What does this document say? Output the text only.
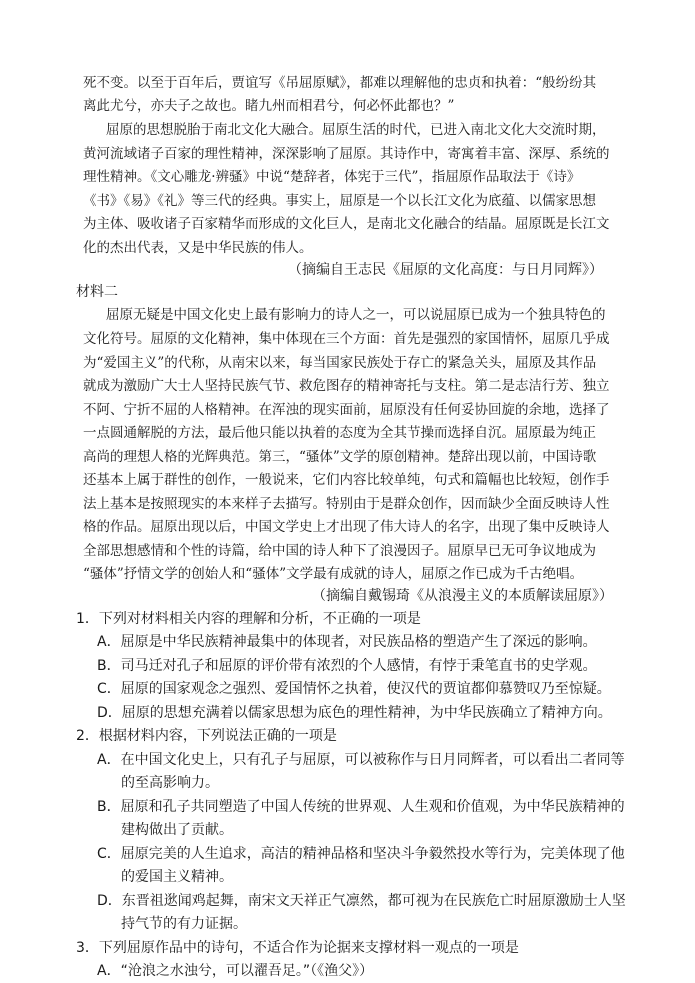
死不变。以至于百年后，贾谊写《吊屈原赋》，都难以理解他的忠贞和执着：“般纷纷其
离此尤兮，亦夫子之故也。睹九州而相君兮，何必怀此都也？”
屈原的思想脱胎于南北文化大融合。屈原生活的时代，已进入南北文化大交流时期，
黄河流域诸子百家的理性精神，深深影响了屈原。其诗作中，寄寓着丰富、深厚、系统的
理性精神。《文心雕龙·辨骚》中说“楚辞者，体宪于三代”，指屈原作品取法于《诗》
《书》《易》《礼》等三代的经典。事实上，屈原是一个以长江文化为底蕴、以儒家思想
为主体、吸收诸子百家精华而形成的文化巨人，是南北文化融合的结晶。屈原既是长江文
化的杰出代表，又是中华民族的伟人。
（摘编自王志民《屈原的文化高度：与日月同辉》）
材料二
屈原无疑是中国文化史上最有影响力的诗人之一，可以说屈原已成为一个独具特色的
文化符号。屈原的文化精神，集中体现在三个方面：首先是强烈的家国情怀，屈原几乎成
为“爱国主义”的代称，从南宋以来，每当国家民族处于存亡的紧急关头，屈原及其作品
就成为激励广大士人坚持民族气节、救危图存的精神寄托与支柱。第二是志洁行芳、独立
不阿、宁折不屈的人格精神。在浑浊的现实面前，屈原没有任何妥协回旋的余地，选择了
一点圆通解脱的方法，最后他只能以执着的态度为全其节操而选择自沉。屈原最为纯正
高尚的理想人格的光辉典范。第三，“骚体”文学的原创精神。楚辞出现以前，中国诗歌
还基本上属于群性的创作，一般说来，它们内容比较单纯，句式和篇幅也比较短，创作手
法上基本是按照现实的本来样子去描写。特别由于是群众创作，因而缺少全面反映诗人性
格的作品。屈原出现以后，中国文学史上才出现了伟大诗人的名字，出现了集中反映诗人
全部思想感情和个性的诗篇，给中国的诗人种下了浪漫因子。屈原早已无可争议地成为
“骚体”抒情文学的创始人和“骚体”文学最有成就的诗人，屈原之作已成为千古绝唱。
（摘编自戴锡琦《从浪漫主义的本质解读屈原》）
1．下列对材料相关内容的理解和分析，不正确的一项是
A．屈原是中华民族精神最集中的体现者，对民族品格的塑造产生了深远的影响。
B．司马迁对孔子和屈原的评价带有浓烈的个人感情，有悖于秉笔直书的史学观。
C．屈原的国家观念之强烈、爱国情怀之执着，使汉代的贾谊都仰慕赞叹乃至惊疑。
D．屈原的思想充满着以儒家思想为底色的理性精神，为中华民族确立了精神方向。
2．根据材料内容，下列说法正确的一项是
A．在中国文化史上，只有孔子与屈原，可以被称作与日月同辉者，可以看出二者同等
的至高影响力。
B．屈原和孔子共同塑造了中国人传统的世界观、人生观和价值观，为中华民族精神的
建构做出了贡献。
C．屈原完美的人生追求，高洁的精神品格和坚决斗争毅然投水等行为，完美体现了他
的爱国主义精神。
D．东晋祖逖闻鸡起舞，南宋文天祥正气凛然，都可视为在民族危亡时屈原激励士人坚
持气节的有力证据。
3．下列屈原作品中的诗句，不适合作为论据来支撑材料一观点的一项是
A．“沧浪之水浊兮，可以濯吾足。”（《渔父》）
